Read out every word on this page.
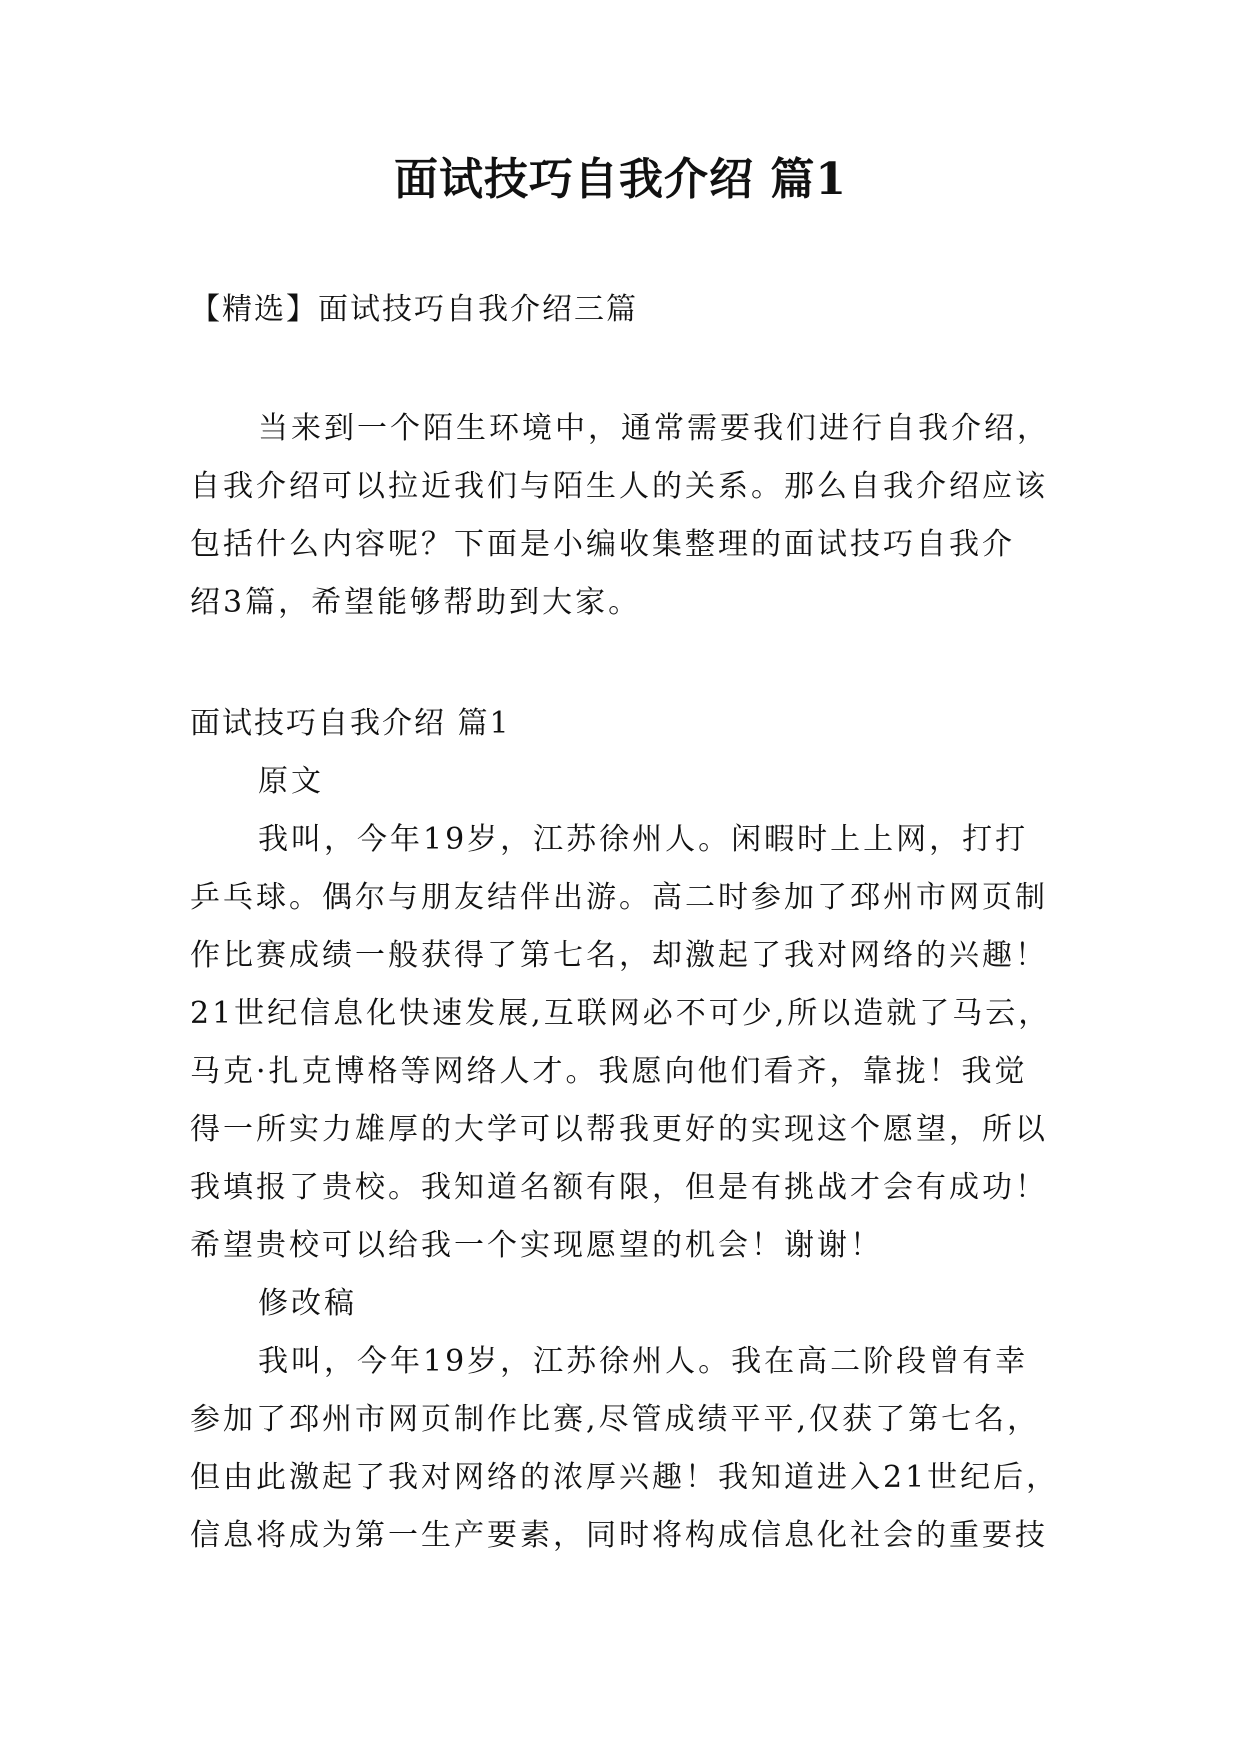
面试技巧自我介绍 篇1
【精选】面试技巧自我介绍三篇
当来到一个陌生环境中，通常需要我们进行自我介绍，
自我介绍可以拉近我们与陌生人的关系。那么自我介绍应该
包括什么内容呢？下面是小编收集整理的面试技巧自我介
绍3篇，希望能够帮助到大家。
面试技巧自我介绍 篇1
原文
我叫，今年19岁，江苏徐州人。闲暇时上上网，打打
乒乓球。偶尔与朋友结伴出游。高二时参加了邳州市网页制
作比赛成绩一般获得了第七名，却激起了我对网络的兴趣！
21世纪信息化快速发展,互联网必不可少,所以造就了马云，
马克·扎克博格等网络人才。我愿向他们看齐，靠拢！我觉
得一所实力雄厚的大学可以帮我更好的实现这个愿望，所以
我填报了贵校。我知道名额有限，但是有挑战才会有成功！
希望贵校可以给我一个实现愿望的机会！谢谢！
修改稿
我叫，今年19岁，江苏徐州人。我在高二阶段曾有幸
参加了邳州市网页制作比赛,尽管成绩平平,仅获了第七名，
但由此激起了我对网络的浓厚兴趣！我知道进入21世纪后，
信息将成为第一生产要素，同时将构成信息化社会的重要技
